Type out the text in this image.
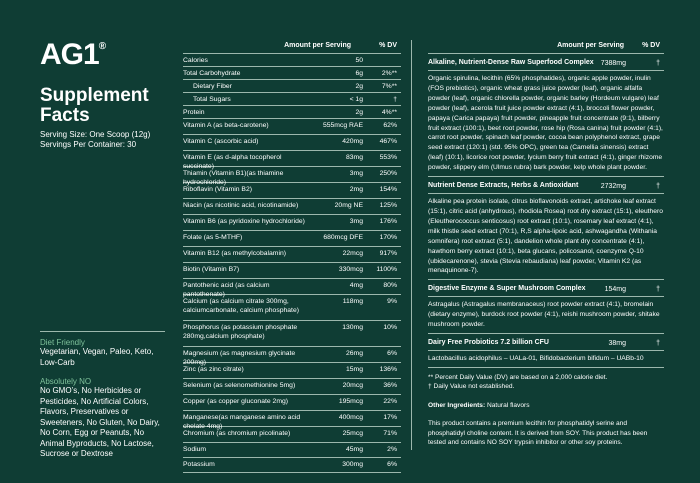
AG1®
Supplement Facts
Serving Size: One Scoop (12g)
Servings Per Container: 30
Diet Friendly
Vegetarian, Vegan, Paleo, Keto, Low-Carb
Absolutely NO
No GMO’s, No Herbicides or Pesticides, No Artificial Colors, Flavors, Preservatives or Sweeteners, No Gluten, No Dairy, No Corn, Egg or Peanuts, No Animal Byproducts, No Lactose, Sucrose or Dextrose
Amount per Serving	% DV
Calories	50
Total Carbohydrate	6g	2%**
Dietary Fiber	2g	7%**
Total Sugars	< 1g	†
Protein	2g	4%**
Vitamin A (as beta-carotene)	555mcg RAE	62%
Vitamin C (ascorbic acid)	420mg 467%
Vitamin E (as d-alpha tocopherol succinate)
83mg 553%
Thiamin (Vitamin B1)(as thiamine hydrochloride)
3mg 250%
Riboflavin (Vitamin B2)	2mg 154%
Niacin (as nicotinic acid, nicotinamide)	20mg NE 125%
Vitamin B6 (as pyridoxine hydrochloride)	3mg 176%
Folate (as 5-MTHF)	680mcg DFE 170%
Vitamin B12 (as methylcobalamin)	22mcg 917%
Biotin (Vitamin B7)	330mcg 1100%
Pantothenic acid (as calcium pantothenate)
4mg	80%
Calcium (as calcium citrate 300mg, calciumcarbonate, calcium phosphate)
118mg	9%
Phosphorus (as potassium phosphate 280mg,calcium phosphate)
130mg	10%
Magnesium (as magnesium glycinate 200mg)
26mg	6%
Zinc (as zinc citrate)	15mg 136%
Selenium (as selenomethionine 5mg)	20mcg	36%
Copper (as copper gluconate 2mg)	195mcg	22%
Manganese(as manganese amino acid chelate 4mg)
400mcg	17%
Chromium (as chromium picolinate)	25mcg	71%
Sodium	45mg	2%
Potassium	300mg	6%
Amount per Serving	% DV
Alkaline, Nutrient-Dense Raw Superfood Complex 7388mg	†
Organic spirulina, lecithin (65% phosphatides), organic apple powder, inulin (FOS prebiotics), organic wheat grass juice powder (leaf), organic alfalfa powder (leaf), organic chlorella powder, organic barley (Hordeum vulgare) leaf powder (leaf), acerola fruit juice powder extract (4:1), broccoli flower powder, papaya (Carica papaya) fruit powder, pineapple fruit concentrate (9:1), bilberry fruit extract (100:1), beet root powder, rose hip (Rosa canina) fruit powder (4:1), carrot root powder, spinach leaf powder, cocoa bean polyphenol extract, grape seed extract (120:1) (std. 95% OPC), green tea (Camellia sinensis) extract (leaf) (10:1), licorice root powder, lycium berry fruit extract (4:1), ginger rhizome powder, slippery elm (Ulmus rubra) bark powder, kelp whole plant powder.
Nutrient Dense Extracts, Herbs & Antioxidant	2732mg	†
Alkaline pea protein isolate, citrus bioflavonoids extract, artichoke leaf extract (15:1), citric acid (anhydrous), rhodiola Rosea) root dry extract (15:1), eleuthero (Eleutherococcus senticosus) root extract (10:1), rosemary leaf extract (4:1), milk thistle seed extract (70:1), R,S alpha-lipoic acid, ashwagandha (Withania somnifera) root extract (5:1), dandelion whole plant dry concentrate (4:1), hawthorn berry extract (10:1), beta glucans, policosanol, coenzyme Q-10 (ubidecarenone), stevia (Stevia rebaudiana) leaf powder, Vitamin K2 (as menaquinone-7).
Digestive Enzyme & Super Mushroom Complex	154mg	†
Astragalus (Astragalus membranaceus) root powder extract (4:1), bromelain (dietary enzyme), burdock root powder (4:1), reishi mushroom powder, shitake mushroom powder.
Dairy Free Probiotics 7.2 billion CFU	38mg	†
Lactobacillus acidophilus – UALa-01, Bifidobacterium bifidum – UABb-10
** Percent Daily Value (DV) are based on a 2,000 calorie diet.
† Daily Value not established.
Other Ingredients: Natural flavors
This product contains a premium lecithin for phosphatidyl serine and phosphatidyl choline content. It is derived from SOY. This product has been tested and contains NO SOY trypsin inhibitor or other soy proteins.
